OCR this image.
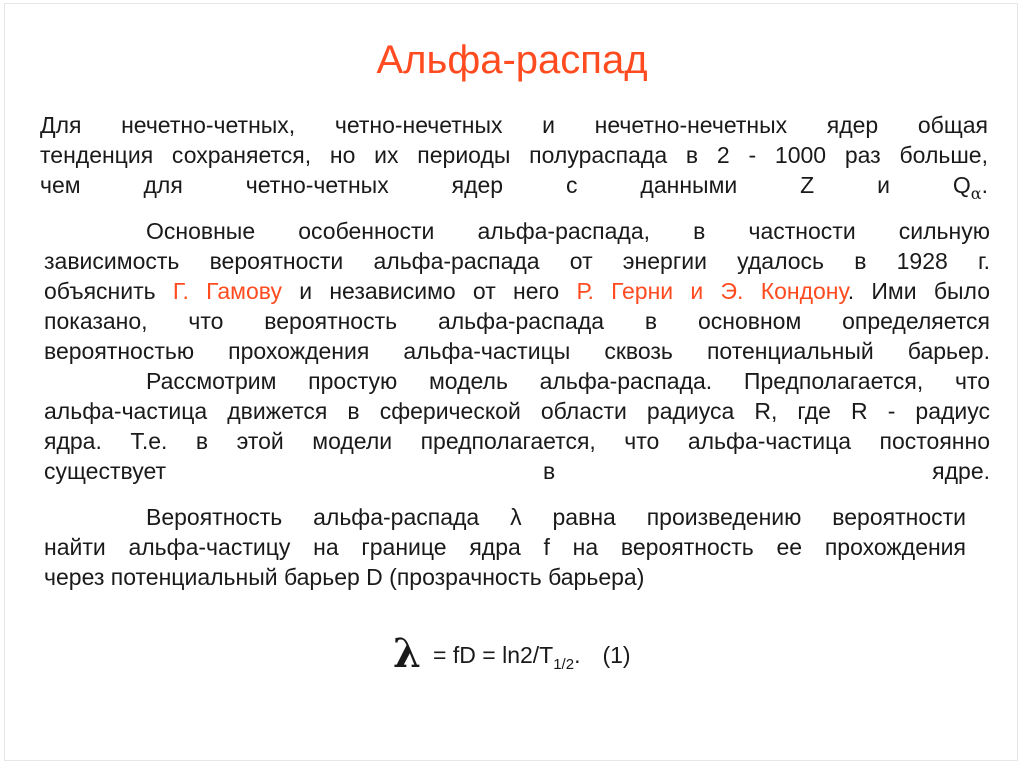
Альфа-распад
Для нечетно-четных, четно-нечетных и нечетно-нечетных ядер общая
тенденция сохраняется, но их периоды полураспада в 2 - 1000 раз больше,
чем для четно-четных ядер с данными Z и $Q_\alpha$.
Основные особенности альфа-распада, в частности сильную
зависимость вероятности альфа-распада от энергии удалось в 1928 г.
объяснить Г. Гамову и независимо от него Р. Герни и Э. Кондону. Ими было
показано, что вероятность альфа-распада в основном определяется
вероятностью прохождения альфа-частицы сквозь потенциальный барьер.
Рассмотрим простую модель альфа-распада. Предполагается, что
альфа-частица движется в сферической области радиуса R, где R - радиус
ядра. Т.е. в этой модели предполагается, что альфа-частица постоянно
существует в ядре.
Вероятность альфа-распада λ равна произведению вероятности
найти альфа-частицу на границе ядра f на вероятность ее прохождения
через потенциальный барьер D (прозрачность барьера)
λ = fD = $\ln 2/T_{1/2}$. (1)
